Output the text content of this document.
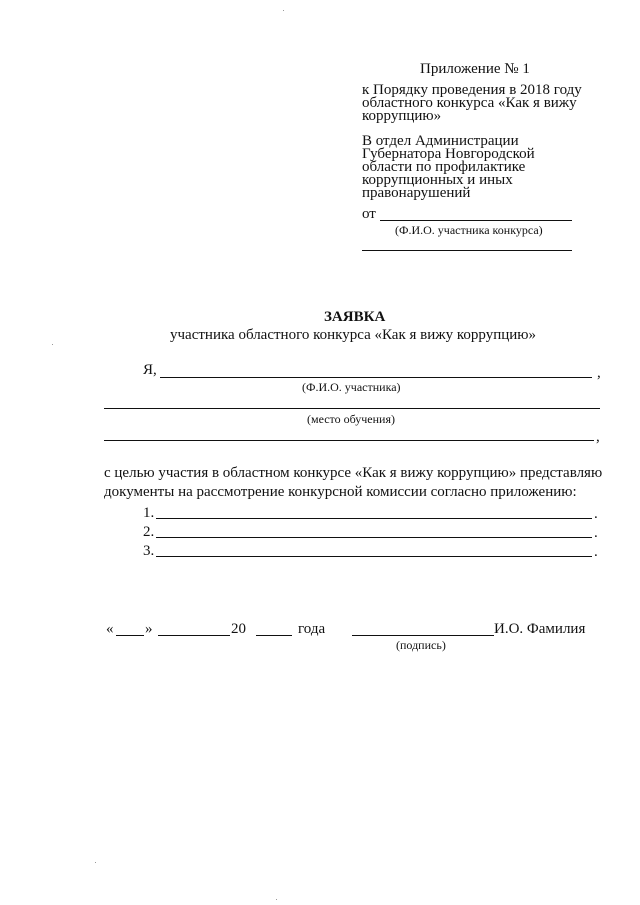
Приложение № 1
к Порядку проведения в 2018 году
областного конкурса «Как я вижу
коррупцию»
В отдел Администрации
Губернатора Новгородской
области по профилактике
коррупционных и иных
правонарушений
от
(Ф.И.О. участника конкурса)
ЗАЯВКА
участника областного конкурса «Как я вижу коррупцию»
Я,	,
(Ф.И.О. участника)
(место обучения)
,
с целью участия в областном конкурсе «Как я вижу коррупцию» представляю
документы на рассмотрение конкурсной комиссии согласно приложению:
1.	.
2.	.
3.	.
« »	20	года	И.О. Фамилия
(подпись)
